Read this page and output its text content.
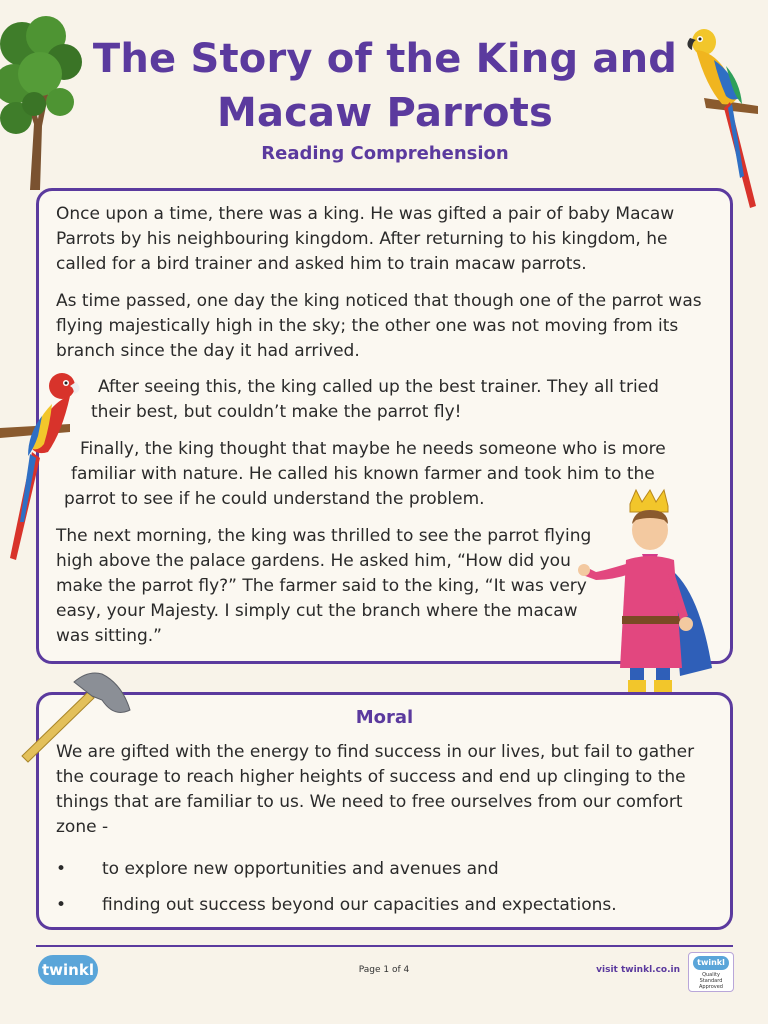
The Story of the King and Macaw Parrots
Reading Comprehension
Once upon a time, there was a king. He was gifted a pair of baby Macaw Parrots by his neighbouring kingdom. After returning to his kingdom, he called for a bird trainer and asked him to train macaw parrots.
As time passed, one day the king noticed that though one of the parrot was flying majestically high in the sky; the other one was not moving from its branch since the day it had arrived.
After seeing this, the king called up the best trainer. They all tried
their best, but couldn’t make the parrot fly!
Finally, the king thought that maybe he needs someone who is more
familiar with nature. He called his known farmer and took him to the
parrot to see if he could understand the problem.
The next morning, the king was thrilled to see the parrot flying high above the palace gardens. He asked him, “How did you make the parrot fly?” The farmer said to the king, “It was very easy, your Majesty. I simply cut the branch where the macaw was sitting.”
Moral
We are gifted with the energy to find success in our lives, but fail to gather the courage to reach higher heights of success and end up clinging to the things that are familiar to us. We need to free ourselves from our comfort zone -
• to explore new opportunities and avenues and
• finding out success beyond our capacities and expectations.
twinkl	Page 1 of 4	visit twinkl.co.in
twinkl
Quality Standard Approved
